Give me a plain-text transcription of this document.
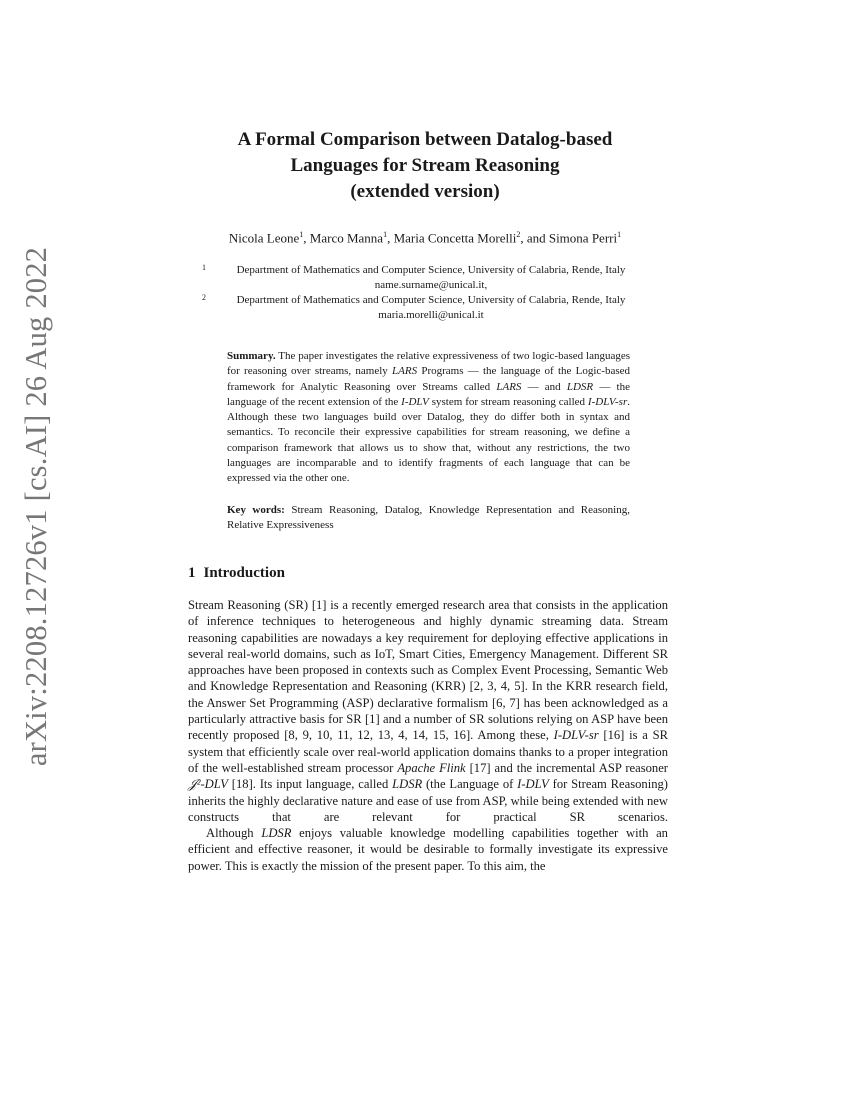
arXiv:2208.12726v1 [cs.AI] 26 Aug 2022
A Formal Comparison between Datalog-based
Languages for Stream Reasoning
(extended version)
Nicola Leone$^1$, Marco Manna$^1$, Maria Concetta Morelli$^2$, and Simona Perri$^1$
1	Department of Mathematics and Computer Science, University of Calabria, Rende, Italy
name.surname@unical.it,
2	Department of Mathematics and Computer Science, University of Calabria, Rende, Italy
maria.morelli@unical.it
Summary. The paper investigates the relative expressiveness of two logic-based languages for reasoning over streams, namely LARS Programs — the language of the Logic-based framework for Analytic Reasoning over Streams called LARS — and LDSR — the language of the recent extension of the I-DLV system for stream reasoning called I-DLV-sr. Although these two languages build over Datalog, they do differ both in syntax and semantics. To reconcile their expressive capabilities for stream reasoning, we define a comparison framework that allows us to show that, without any restrictions, the two languages are incomparable and to identify fragments of each language that can be expressed via the other one.
Key words: Stream Reasoning, Datalog, Knowledge Representation and Reasoning, Relative Expressiveness
1 Introduction

Stream Reasoning (SR) [1] is a recently emerged research area that consists in the application of inference techniques to heterogeneous and highly dynamic streaming data. Stream reasoning capabilities are nowadays a key requirement for deploying effective applications in several real-world domains, such as IoT, Smart Cities, Emergency Management. Different SR approaches have been proposed in contexts such as Complex Event Processing, Semantic Web and Knowledge Representation and Reasoning (KRR) [2, 3, 4, 5]. In the KRR research field, the Answer Set Programming (ASP) declarative formalism [6, 7] has been acknowledged as a particularly attractive basis for SR [1] and a number of SR solutions relying on ASP have been recently proposed [8, 9, 10, 11, 12, 13, 4, 14, 15, 16]. Among these, I-DLV-sr [16] is a SR system that efficiently scale over real-world application domains thanks to a proper integration of the well-established stream processor Apache Flink [17] and the incremental ASP reasoner 𝒥²-DLV [18]. Its input language, called LDSR (the Language of I-DLV for Stream Reasoning) inherits the highly declarative nature and ease of use from ASP, while being extended with new constructs that are relevant for practical SR scenarios.

Although LDSR enjoys valuable knowledge modelling capabilities together with an efficient and effective reasoner, it would be desirable to formally investigate its expressive power. This is exactly the mission of the present paper. To this aim, the
